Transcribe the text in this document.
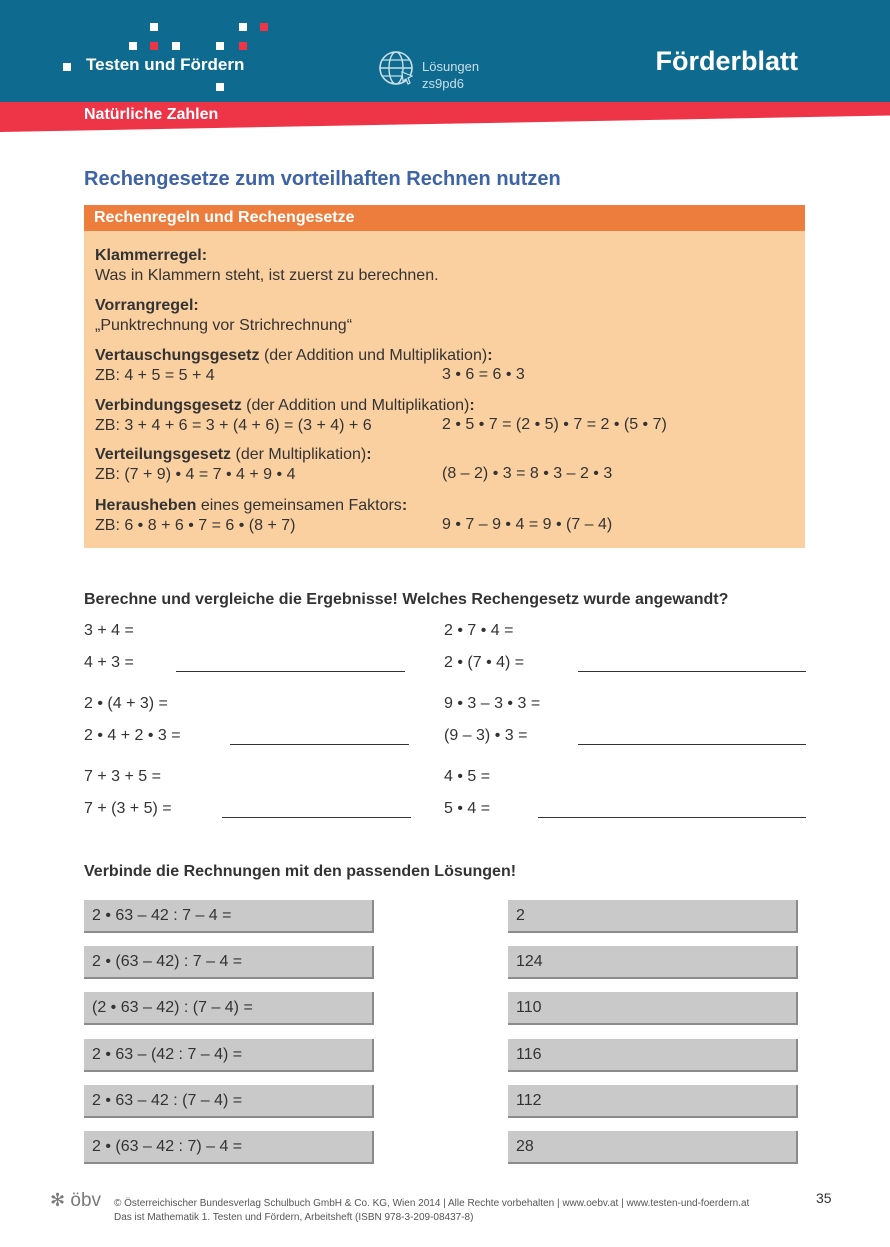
Testen und Fördern	Lösungen
zs9pd6
Förderblatt
Natürliche Zahlen
Rechengesetze zum vorteilhaften Rechnen nutzen
Rechenregeln und Rechengesetze
Klammerregel:
Was in Klammern steht, ist zuerst zu berechnen.
Vorrangregel:
„Punktrechnung vor Strichrechnung“
Vertauschungsgesetz (der Addition und Multiplikation):
ZB: 4 + 5 = 5 + 4	3 • 6 = 6 • 3
Verbindungsgesetz (der Addition und Multiplikation):
ZB: 3 + 4 + 6 = 3 + (4 + 6) = (3 + 4) + 6	2 • 5 • 7 = (2 • 5) • 7 = 2 • (5 • 7)
Verteilungsgesetz (der Multiplikation):
ZB: (7 + 9) • 4 = 7 • 4 + 9 • 4	(8 – 2) • 3 = 8 • 3 – 2 • 3
Herausheben eines gemeinsamen Faktors:
ZB: 6 • 8 + 6 • 7 = 6 • (8 + 7)	9 • 7 – 9 • 4 = 9 • (7 – 4)
Berechne und vergleiche die Ergebnisse! Welches Rechengesetz wurde angewandt?
3 + 4 =
4 + 3 =
2 • (4 + 3) =
2 • 4 + 2 • 3 =
7 + 3 + 5 =
7 + (3 + 5) =
2 • 7 • 4 =
2 • (7 • 4) =
9 • 3 – 3 • 3 =
(9 – 3) • 3 =
4 • 5 =
5 • 4 =
Verbinde die Rechnungen mit den passenden Lösungen!
2 • 63 – 42 : 7 – 4 =
2 • (63 – 42) : 7 – 4 =
(2 • 63 – 42) : (7 – 4) =
2 • 63 – (42 : 7 – 4) =
2 • 63 – 42 : (7 – 4) =
2 • (63 – 42 : 7) – 4 =
2
124
110
116
112
28
✻ öbv © Österreichischer Bundesverlag Schulbuch GmbH & Co. KG, Wien 2014 | Alle Rechte vorbehalten | www.oebv.at | www.testen-und-foerdern.at
Das ist Mathematik 1. Testen und Fördern, Arbeitsheft (ISBN 978-3-209-08437-8)
35
